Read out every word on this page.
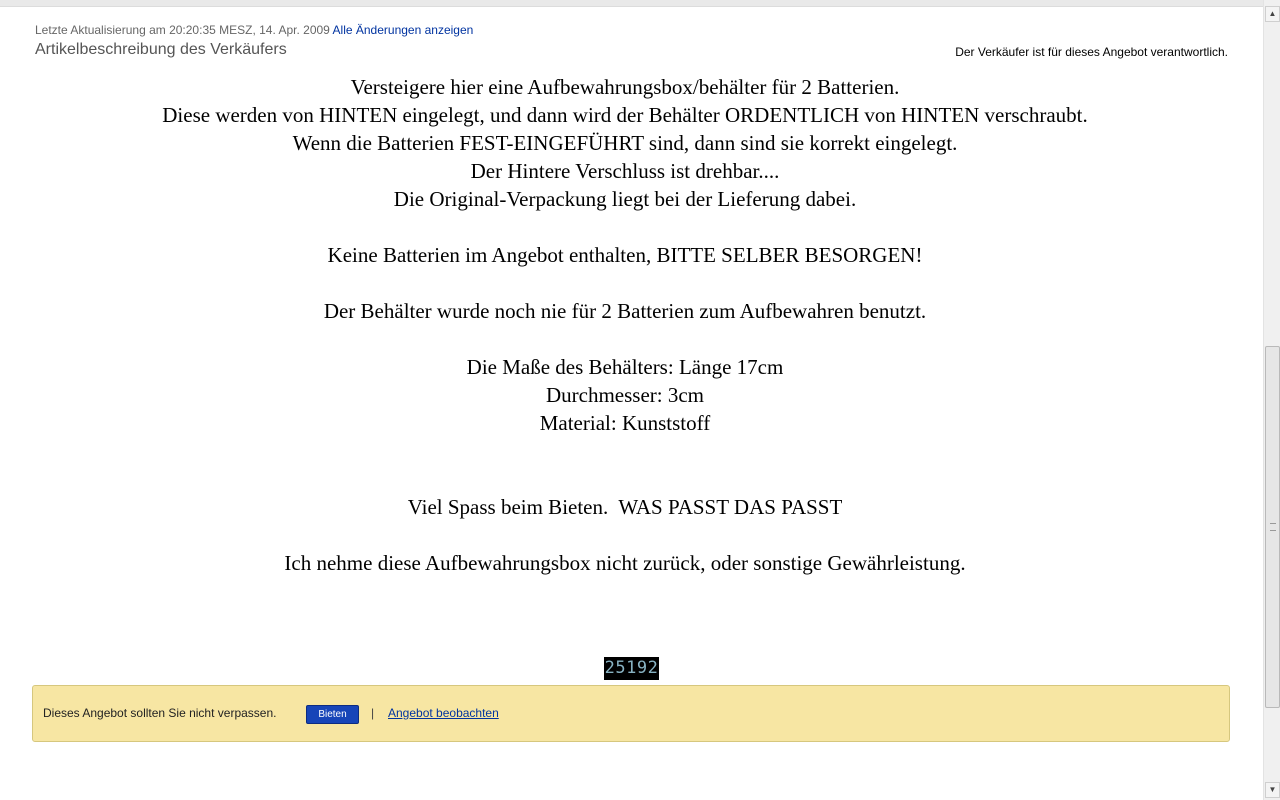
Letzte Aktualisierung am 20:20:35 MESZ, 14. Apr. 2009 Alle Änderungen anzeigen
Artikelbeschreibung des Verkäufers	Der Verkäufer ist für dieses Angebot verantwortlich.
Versteigere hier eine Aufbewahrungsbox/behälter für 2 Batterien.
Diese werden von HINTEN eingelegt, und dann wird der Behälter ORDENTLICH von HINTEN verschraubt.
Wenn die Batterien FEST-EINGEFÜHRT sind, dann sind sie korrekt eingelegt.
Der Hintere Verschluss ist drehbar....
Die Original-Verpackung liegt bei der Lieferung dabei.
Keine Batterien im Angebot enthalten, BITTE SELBER BESORGEN!
Der Behälter wurde noch nie für 2 Batterien zum Aufbewahren benutzt.
Die Maße des Behälters: Länge 17cm
Durchmesser: 3cm
Material: Kunststoff
Viel Spass beim Bieten.  WAS PASST DAS PASST
Ich nehme diese Aufbewahrungsbox nicht zurück, oder sonstige Gewährleistung.
25192
Dieses Angebot sollten Sie nicht verpassen.	Bieten	| Angebot beobachten
▲
▼
